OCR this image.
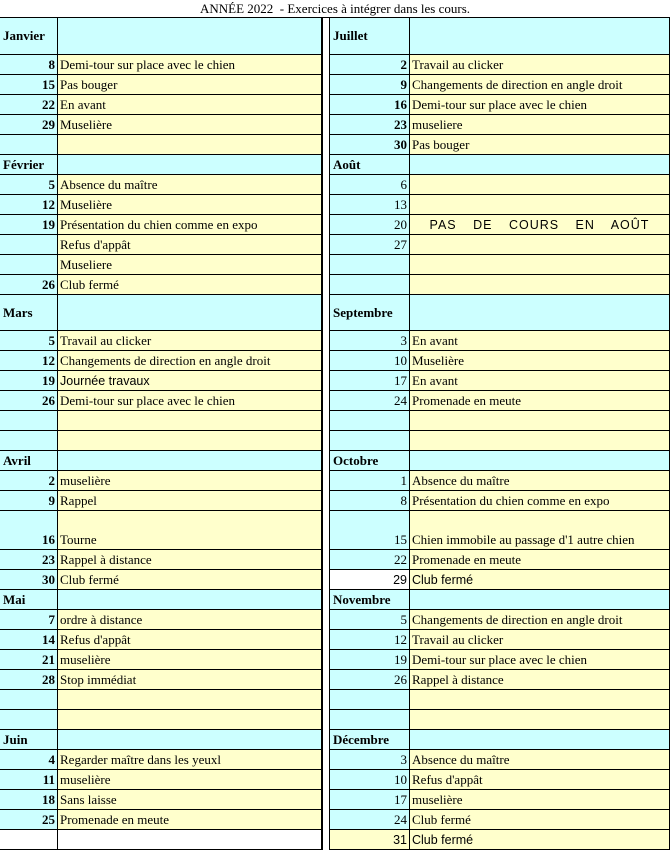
ANNÉE 2022  - Exercices à intégrer dans les cours.
Janvier
8 Demi-tour sur place avec le chien
15 Pas bouger
22 En avant
29 Muselière
Février
5 Absence du maître
12 Muselière
19 Présentation du chien comme en expo
Refus d'appât
Museliere
26 Club fermé
Mars
5 Travail au clicker
12 Changements de direction en angle droit
19 Journée travaux
26 Demi-tour sur place avec le chien
Avril
2 muselière
9 Rappel
16 Tourne
23 Rappel à distance
30 Club fermé
Mai
7 ordre à distance
14 Refus d'appât
21 muselière
28 Stop immédiat
Juin
4 Regarder maître dans les yeuxl
11 muselière
18 Sans laisse
25 Promenade en meute
Juillet
2 Travail au clicker
9 Changements de direction en angle droit
16 Demi-tour sur place avec le chien
23 museliere
30 Pas bouger
Août
6
13
20
27
Septembre
3 En avant
10 Muselière
17 En avant
24 Promenade en meute
Octobre
1 Absence du maître
8 Présentation du chien comme en expo
15 Chien immobile au passage d'1 autre chien
22 Promenade en meute
29 Club fermé
Novembre
5 Changements de direction en angle droit
12 Travail au clicker
19 Demi-tour sur place avec le chien
26 Rappel à distance
Décembre
3 Absence du maître
10 Refus d'appât
17 muselière
24 Club fermé
31 Club fermé
PAS DE COURS EN AOÛT
